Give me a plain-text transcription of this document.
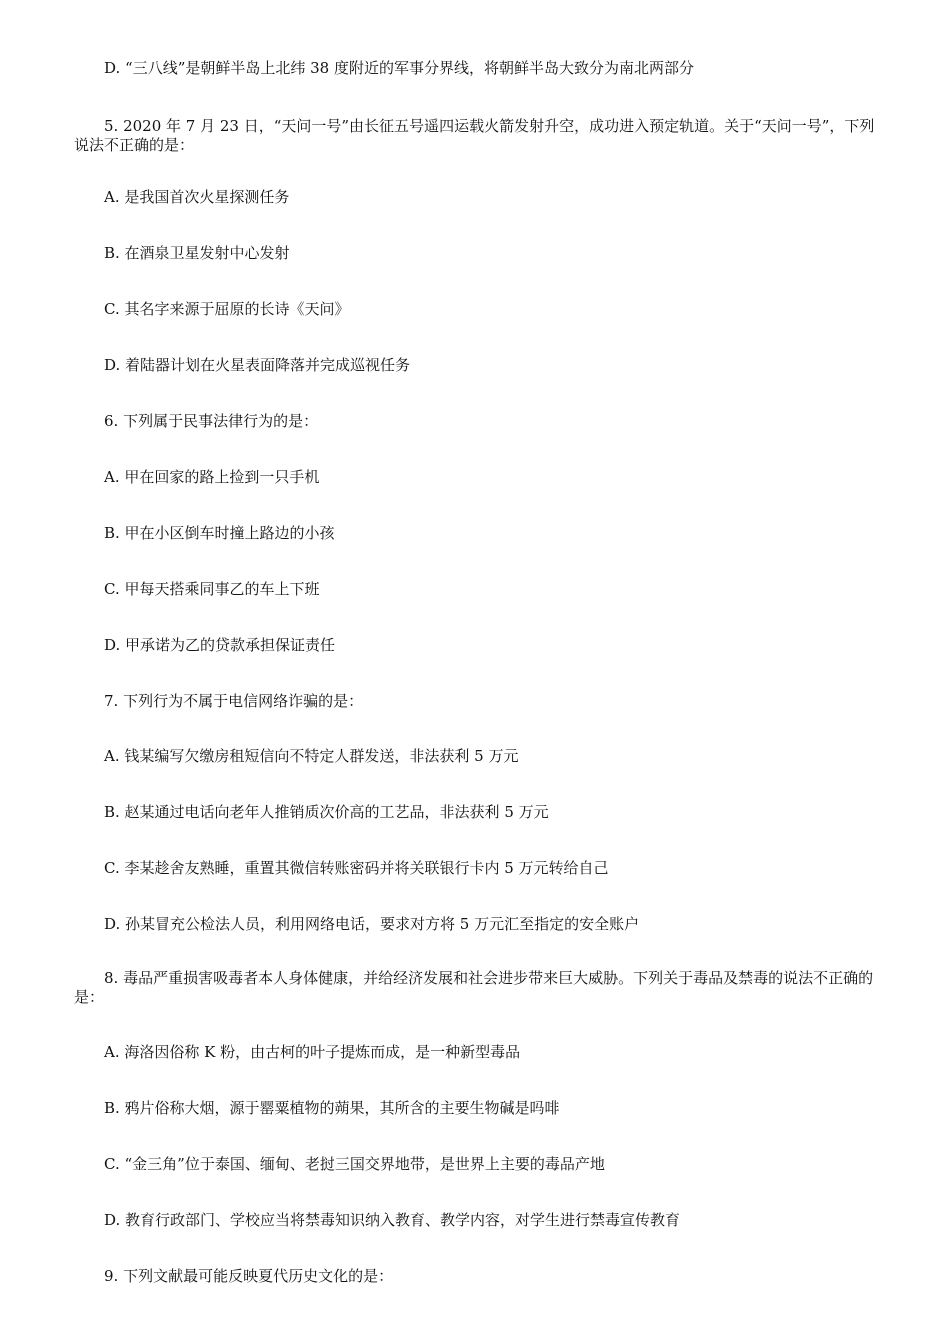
D. “三八线”是朝鲜半岛上北纬 38 度附近的军事分界线，将朝鲜半岛大致分为南北两部分
5. 2020 年 7 月 23 日，“天问一号”由长征五号遥四运载火箭发射升空，成功进入预定轨道。关于“天问一号”，下列说法不正确的是：
A. 是我国首次火星探测任务
B. 在酒泉卫星发射中心发射
C. 其名字来源于屈原的长诗《天问》
D. 着陆器计划在火星表面降落并完成巡视任务
6. 下列属于民事法律行为的是：
A. 甲在回家的路上捡到一只手机
B. 甲在小区倒车时撞上路边的小孩
C. 甲每天搭乘同事乙的车上下班
D. 甲承诺为乙的贷款承担保证责任
7. 下列行为不属于电信网络诈骗的是：
A. 钱某编写欠缴房租短信向不特定人群发送，非法获利 5 万元
B. 赵某通过电话向老年人推销质次价高的工艺品，非法获利 5 万元
C. 李某趁舍友熟睡，重置其微信转账密码并将关联银行卡内 5 万元转给自己
D. 孙某冒充公检法人员，利用网络电话，要求对方将 5 万元汇至指定的安全账户
8. 毒品严重损害吸毒者本人身体健康，并给经济发展和社会进步带来巨大威胁。下列关于毒品及禁毒的说法不正确的是：
A. 海洛因俗称 K 粉，由古柯的叶子提炼而成，是一种新型毒品
B. 鸦片俗称大烟，源于罂粟植物的蒴果，其所含的主要生物碱是吗啡
C. “金三角”位于泰国、缅甸、老挝三国交界地带，是世界上主要的毒品产地
D. 教育行政部门、学校应当将禁毒知识纳入教育、教学内容，对学生进行禁毒宣传教育
9. 下列文献最可能反映夏代历史文化的是：
